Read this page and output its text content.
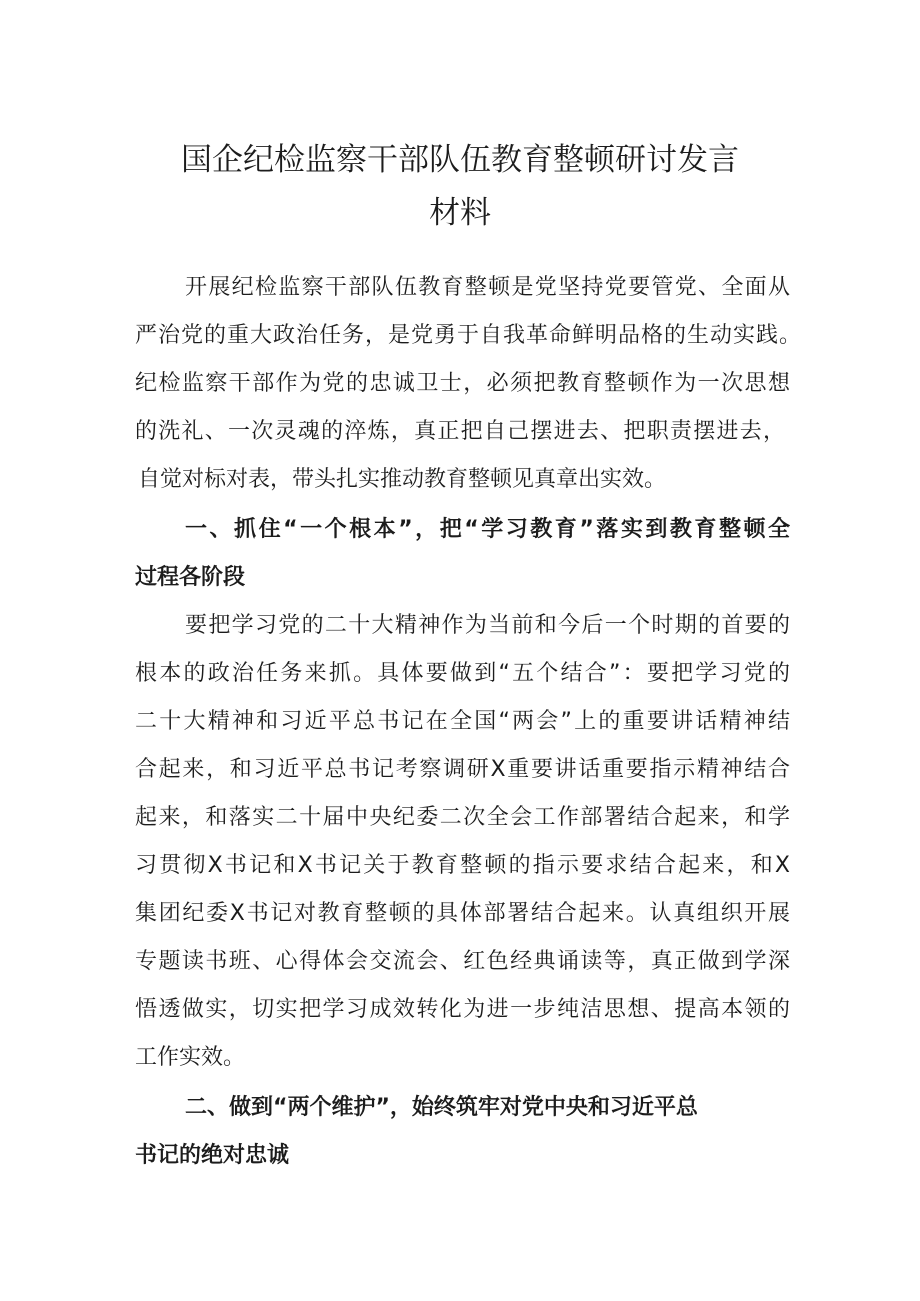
国企纪检监察干部队伍教育整顿研讨发言
材料
开展纪检监察干部队伍教育整顿是党坚持党要管党、全面从
严治党的重大政治任务，是党勇于自我革命鲜明品格的生动实践。
纪检监察干部作为党的忠诚卫士，必须把教育整顿作为一次思想
的洗礼、一次灵魂的淬炼，真正把自己摆进去、把职责摆进去，
自觉对标对表，带头扎实推动教育整顿见真章出实效。
一、抓住“一个根本”，把“学习教育”落实到教育整顿全
过程各阶段
要把学习党的二十大精神作为当前和今后一个时期的首要的
根本的政治任务来抓。具体要做到“五个结合”：要把学习党的
二十大精神和习近平总书记在全国“两会”上的重要讲话精神结
合起来，和习近平总书记考察调研X重要讲话重要指示精神结合
起来，和落实二十届中央纪委二次全会工作部署结合起来，和学
习贯彻X书记和X书记关于教育整顿的指示要求结合起来，和X
集团纪委X书记对教育整顿的具体部署结合起来。认真组织开展
专题读书班、心得体会交流会、红色经典诵读等，真正做到学深
悟透做实，切实把学习成效转化为进一步纯洁思想、提高本领的
工作实效。
二、做到“两个维护”，始终筑牢对党中央和习近平总
书记的绝对忠诚
